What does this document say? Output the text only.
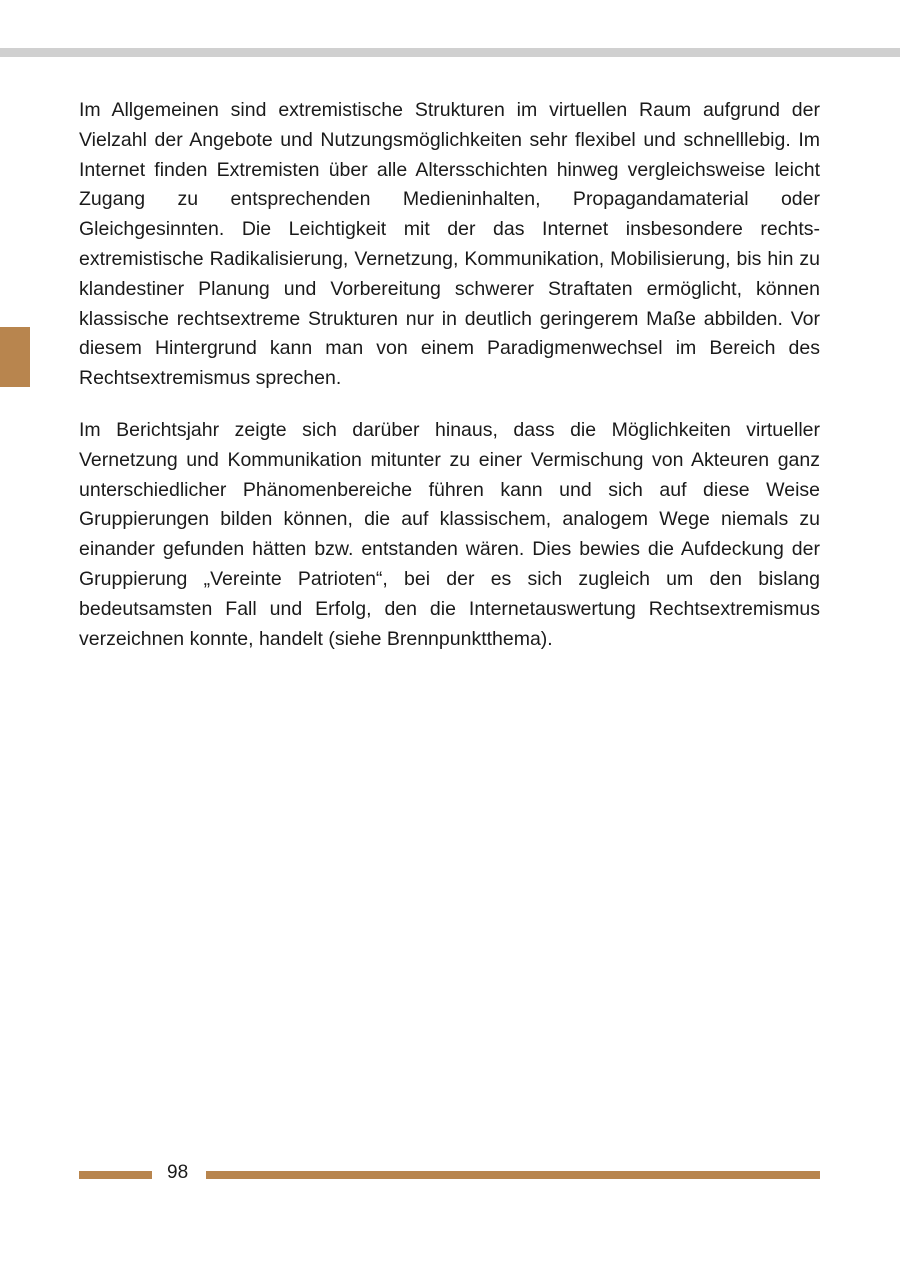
Im Allgemeinen sind extremistische Strukturen im virtuellen Raum aufgrund der Vielzahl der Angebote und Nutzungsmöglichkeiten sehr flexibel und schnelllebig. Im Internet finden Extremisten über alle Altersschichten hinweg vergleichsweise leicht Zugang zu entsprechenden Medieninhalten, Propagandamaterial oder Gleichgesinnten. Die Leichtigkeit mit der das Internet insbesondere rechtsextremistische Radikalisierung, Vernetzung, Kommunikation, Mobilisierung, bis hin zu klandestiner Planung und Vorbereitung schwerer Straftaten ermöglicht, können klassische rechtsextreme Strukturen nur in deutlich geringerem Maße abbilden. Vor diesem Hintergrund kann man von einem Paradigmenwechsel im Bereich des Rechtsextremismus sprechen.

Im Berichtsjahr zeigte sich darüber hinaus, dass die Möglichkeiten virtueller Vernetzung und Kommunikation mitunter zu einer Vermischung von Akteuren ganz unterschiedlicher Phänomenbereiche führen kann und sich auf diese Weise Gruppierungen bilden können, die auf klassischem, analogem Wege niemals zu einander gefunden hätten bzw. entstanden wären. Dies bewies die Aufdeckung der Gruppierung „Vereinte Patrioten“, bei der es sich zugleich um den bislang bedeutsamsten Fall und Erfolg, den die Internetauswertung Rechtsextremismus verzeichnen konnte, handelt (siehe Brennpunktthema).

98
